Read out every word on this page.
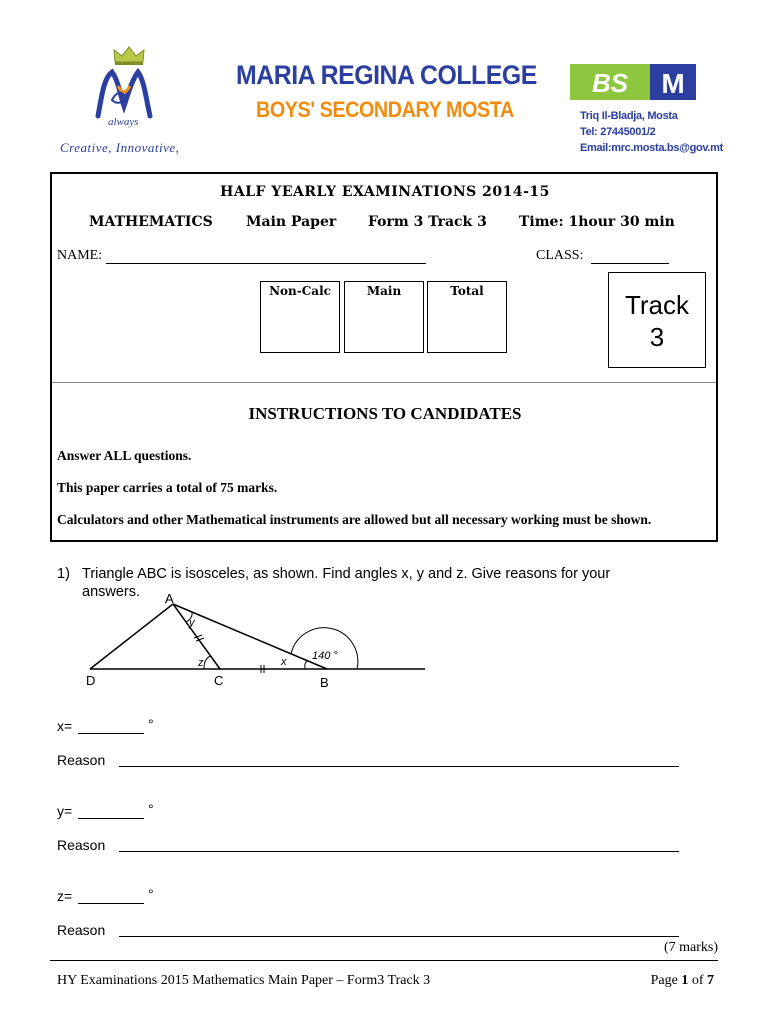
always
Creative, Innovative,
MARIA REGINA COLLEGE
BOYS' SECONDARY MOSTA
BS M
Triq Il-Bladja, Mosta
Tel: 27445001/2
Email:mrc.mosta.bs@gov.mt
HALF YEARLY EXAMINATIONS 2014-15
MATHEMATICS Main Paper Form 3 Track 3 Time: 1hour 30 min
NAME:	CLASS:
Non-Calc	Main	Total	Track
3
INSTRUCTIONS TO CANDIDATES
Answer ALL questions.
This paper carries a total of 75 marks.
Calculators and other Mathematical instruments are allowed but all necessary working must be shown.
1) Triangle ABC is isosceles, as shown. Find angles x, y and z. Give reasons for your
answers. A
D	C	B
y
z	x 140 °
x=	°
Reason
y=	°
Reason
z=	°
Reason
(7 marks)
HY Examinations 2015 Mathematics Main Paper – Form3 Track 3	Page 1 of 7
